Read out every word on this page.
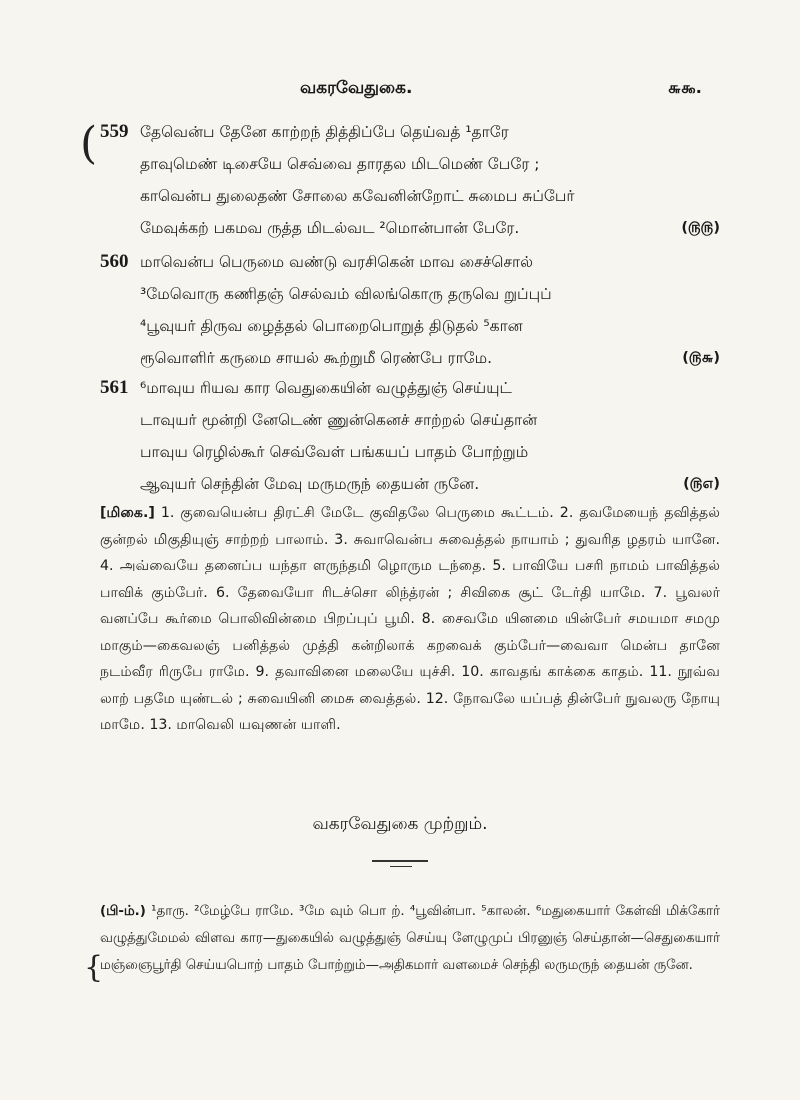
வகரவேதுகை.	௬௯.
( 559 தேவென்ப தேனே காற்றந் தித்திப்பே தெய்வத் ¹தாரே
தாவுமெண் டிசையே செவ்வை தாரதல மிடமெண் பேரே ;
காவென்ப துலைதண் சோலை கவேனின்றோட் சுமைப சுப்பேர்
மேவுக்கற் பகமவ ருத்த மிடல்வட ²மொன்பான் பேரே.	(௫௫)
560 மாவென்ப பெருமை வண்டு வரசிகென் மாவ சைச்சொல்
³மேவொரு கணிதஞ் செல்வம் விலங்கொரு தருவெ றுப்புப்
⁴பூவுயர் திருவ ழைத்தல் பொறைபொறுத் திடுதல் ⁵கான
ரூவொளிர் கருமை சாயல் கூற்றுமீ ரெண்பே ராமே.	(௫௬)
561 ⁶மாவுய ரியவ கார வெதுகையின் வழுத்துஞ் செய்யுட்
டாவுயர் மூன்றி னேடெண் ணுன்கெனச் சாற்றல் செய்தான்
பாவுய ரெழில்கூர் செவ்வேள் பங்கயப் பாதம் போற்றும்
ஆவுயர் செந்தின் மேவு மருமருந் தையன் ருனே.	(௫௭)
[மிகை.] 1. குவையென்ப திரட்சி மேடே குவிதலே பெருமை கூட்டம். 2. தவமேயைந் தவித்தல் குன்றல் மிகுதியுஞ் சாற்றற் பாலாம். 3. சுவாவென்ப சுவைத்தல் நாயாம் ; துவரித ழதரம் யானே. 4. அவ்வையே தனைப்ப யந்தா ளருந்தமி ழொரும டந்தை. 5. பாவியே பசரி நாமம் பாவித்தல் பாவிக் கும்பேர். 6. தேவையோ ரிடச்சொ லிந்த்ரன் ; சிவிகை சூட் டேர்தி யாமே. 7. பூவலர் வனப்பே கூர்மை பொலிவின்மை பிறப்புப் பூமி. 8. சைவமே யினமை யின்பேர் சமயமா சமமு மாகும்—கைவலஞ் பனித்தல் முத்தி கன்றிலாக் கறவைக் கும்பேர்—வைவா மென்ப தானே நடம்வீர ரிருபே ராமே. 9. தவாவினை மலையே யுச்சி. 10. காவதங் காக்கை காதம். 11. நூவ்வ லாற் பதமே யுண்டல் ; சுவையினி மைசு வைத்தல். 12. நோவலே யப்பத் தின்பேர் நுவலரு நோயு மாமே. 13. மாவெலி யவுணன் யாளி.
வகரவேதுகை முற்றும்.
{
(பி-ம்.) ¹தாரு. ²மேழ்பே ராமே. ³மே வும் பொ ற். ⁴பூவின்பா. ⁵காலன். ⁶மதுகையார் கேள்வி மிக்கோர் வழுத்துமேமல் விளவ கார—துகையில் வழுத்துஞ் செய்யு ளேழுமுப் பிரனுஞ் செய்தான்—செதுகையார் மஞ்ஞைபூர்தி செய்யபொற் பாதம் போற்றும்—அதிகமார் வளமைச் செந்தி லருமருந் தையன் ருனே.
